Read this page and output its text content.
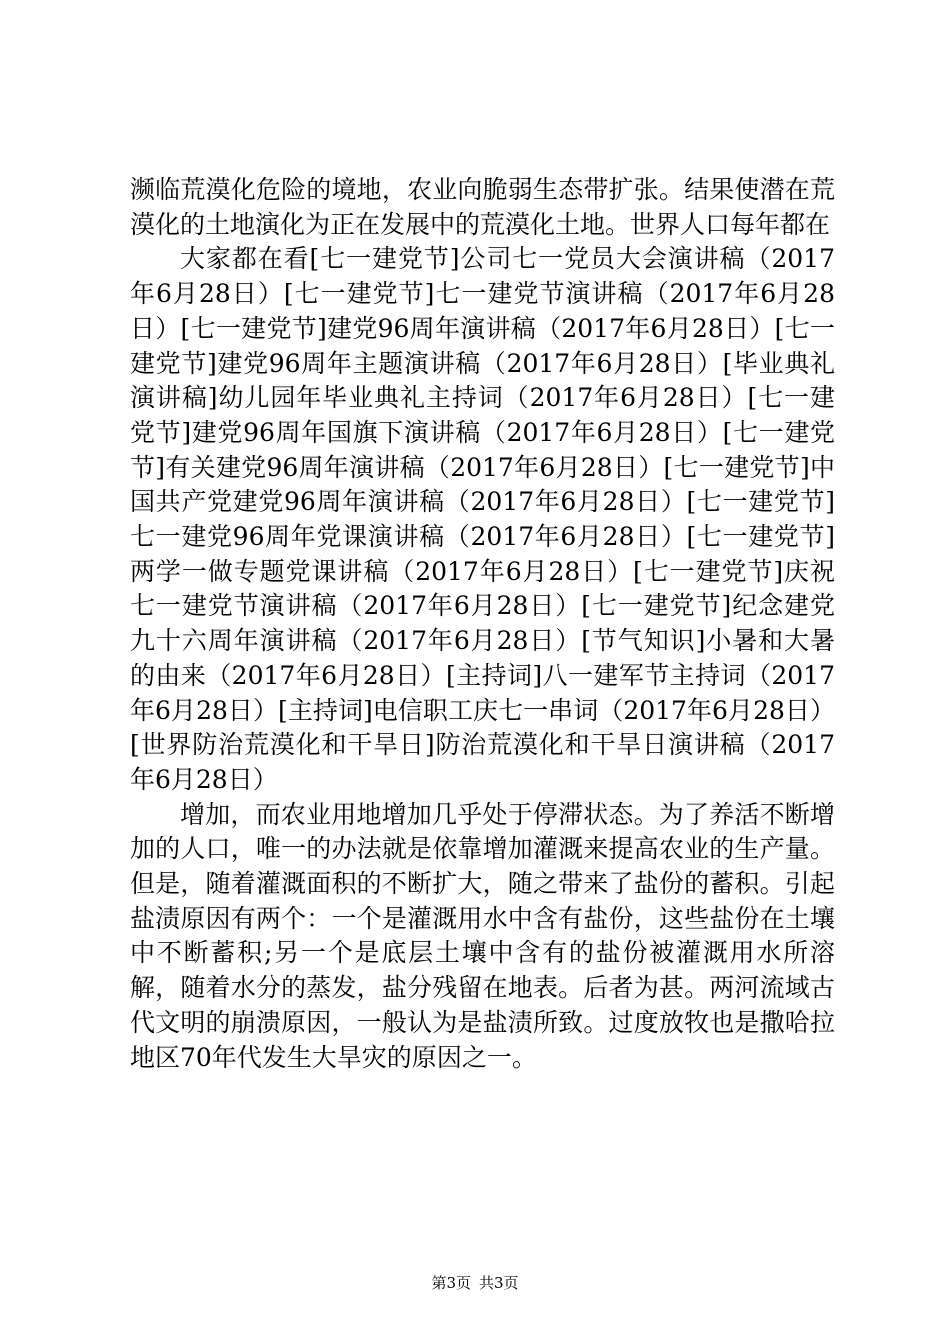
濒临荒漠化危险的境地，农业向脆弱生态带扩张。结果使潜在荒漠化的土地演化为正在发展中的荒漠化土地。世界人口每年都在

大家都在看[七一建党节]公司七一党员大会演讲稿（2017年6月28日）[七一建党节]七一建党节演讲稿（2017年6月28日）[七一建党节]建党96周年演讲稿（2017年6月28日）[七一建党节]建党96周年主题演讲稿（2017年6月28日）[毕业典礼演讲稿]幼儿园年毕业典礼主持词（2017年6月28日）[七一建党节]建党96周年国旗下演讲稿（2017年6月28日）[七一建党节]有关建党96周年演讲稿（2017年6月28日）[七一建党节]中国共产党建党96周年演讲稿（2017年6月28日）[七一建党节]七一建党96周年党课演讲稿（2017年6月28日）[七一建党节]两学一做专题党课讲稿（2017年6月28日）[七一建党节]庆祝七一建党节演讲稿（2017年6月28日）[七一建党节]纪念建党九十六周年演讲稿（2017年6月28日）[节气知识]小暑和大暑的由来（2017年6月28日）[主持词]八一建军节主持词（2017年6月28日）[主持词]电信职工庆七一串词（2017年6月28日）[世界防治荒漠化和干旱日]防治荒漠化和干旱日演讲稿（2017年6月28日）

增加，而农业用地增加几乎处于停滞状态。为了养活不断增加的人口，唯一的办法就是依靠增加灌溉来提高农业的生产量。但是，随着灌溉面积的不断扩大，随之带来了盐份的蓄积。引起盐渍原因有两个：一个是灌溉用水中含有盐份，这些盐份在土壤中不断蓄积;另一个是底层土壤中含有的盐份被灌溉用水所溶解，随着水分的蒸发，盐分残留在地表。后者为甚。两河流域古代文明的崩溃原因，一般认为是盐渍所致。过度放牧也是撒哈拉地区70年代发生大旱灾的原因之一。

第3页 共3页
